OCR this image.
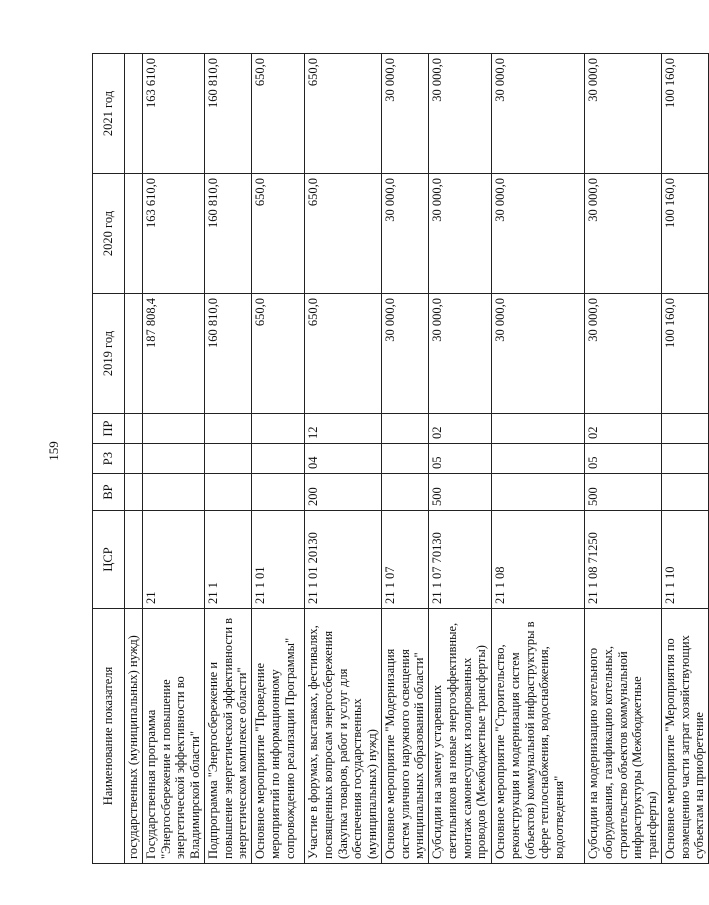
159
Наименование показателя	ЦСР	ВР	РЗ	ПР	2019 год	2020 год	2021 год
государственных (муниципальных) нужд)							
Государственная программа "Энергосбережение и повышение энергетической эффективности во Владимирской области"	21				187 808,4	163 610,0	163 610,0
Подпрограмма "Энергосбережение и повышение энергетической эффективности в энергетическом комплексе области"	21 1				160 810,0	160 810,0	160 810,0
Основное мероприятие "Проведение мероприятий по информационному сопровождению реализации Программы"	21 1 01				650,0	650,0	650,0
Участие в форумах, выставках, фестивалях, посвященных вопросам энергосбережения (Закупка товаров, работ и услуг для обеспечения государственных (муниципальных) нужд)	21 1 01 20130	200	04	12	650,0	650,0	650,0
Основное мероприятие "Модернизация систем уличного наружного освещения муниципальных образований области"	21 1 07				30 000,0	30 000,0	30 000,0
Субсидии на замену устаревших светильников на новые энергоэффективные, монтаж самонесущих изолированных проводов (Межбюджетные трансферты)	21 1 07 70130	500	05	02	30 000,0	30 000,0	30 000,0
Основное мероприятие "Строительство, реконструкция и модернизация систем (объектов) коммунальной инфраструктуры в сфере теплоснабжения, водоснабжения, водоотведения"	21 1 08				30 000,0	30 000,0	30 000,0
Субсидии на модернизацию котельного оборудования, газификацию котельных, строительство объектов коммунальной инфраструктуры (Межбюджетные трансферты)	21 1 08 71250	500	05	02	30 000,0	30 000,0	30 000,0
Основное мероприятие "Мероприятия по возмещению части затрат хозяйствующих субъектам на приобретение	21 1 10				100 160,0	100 160,0	100 160,0
